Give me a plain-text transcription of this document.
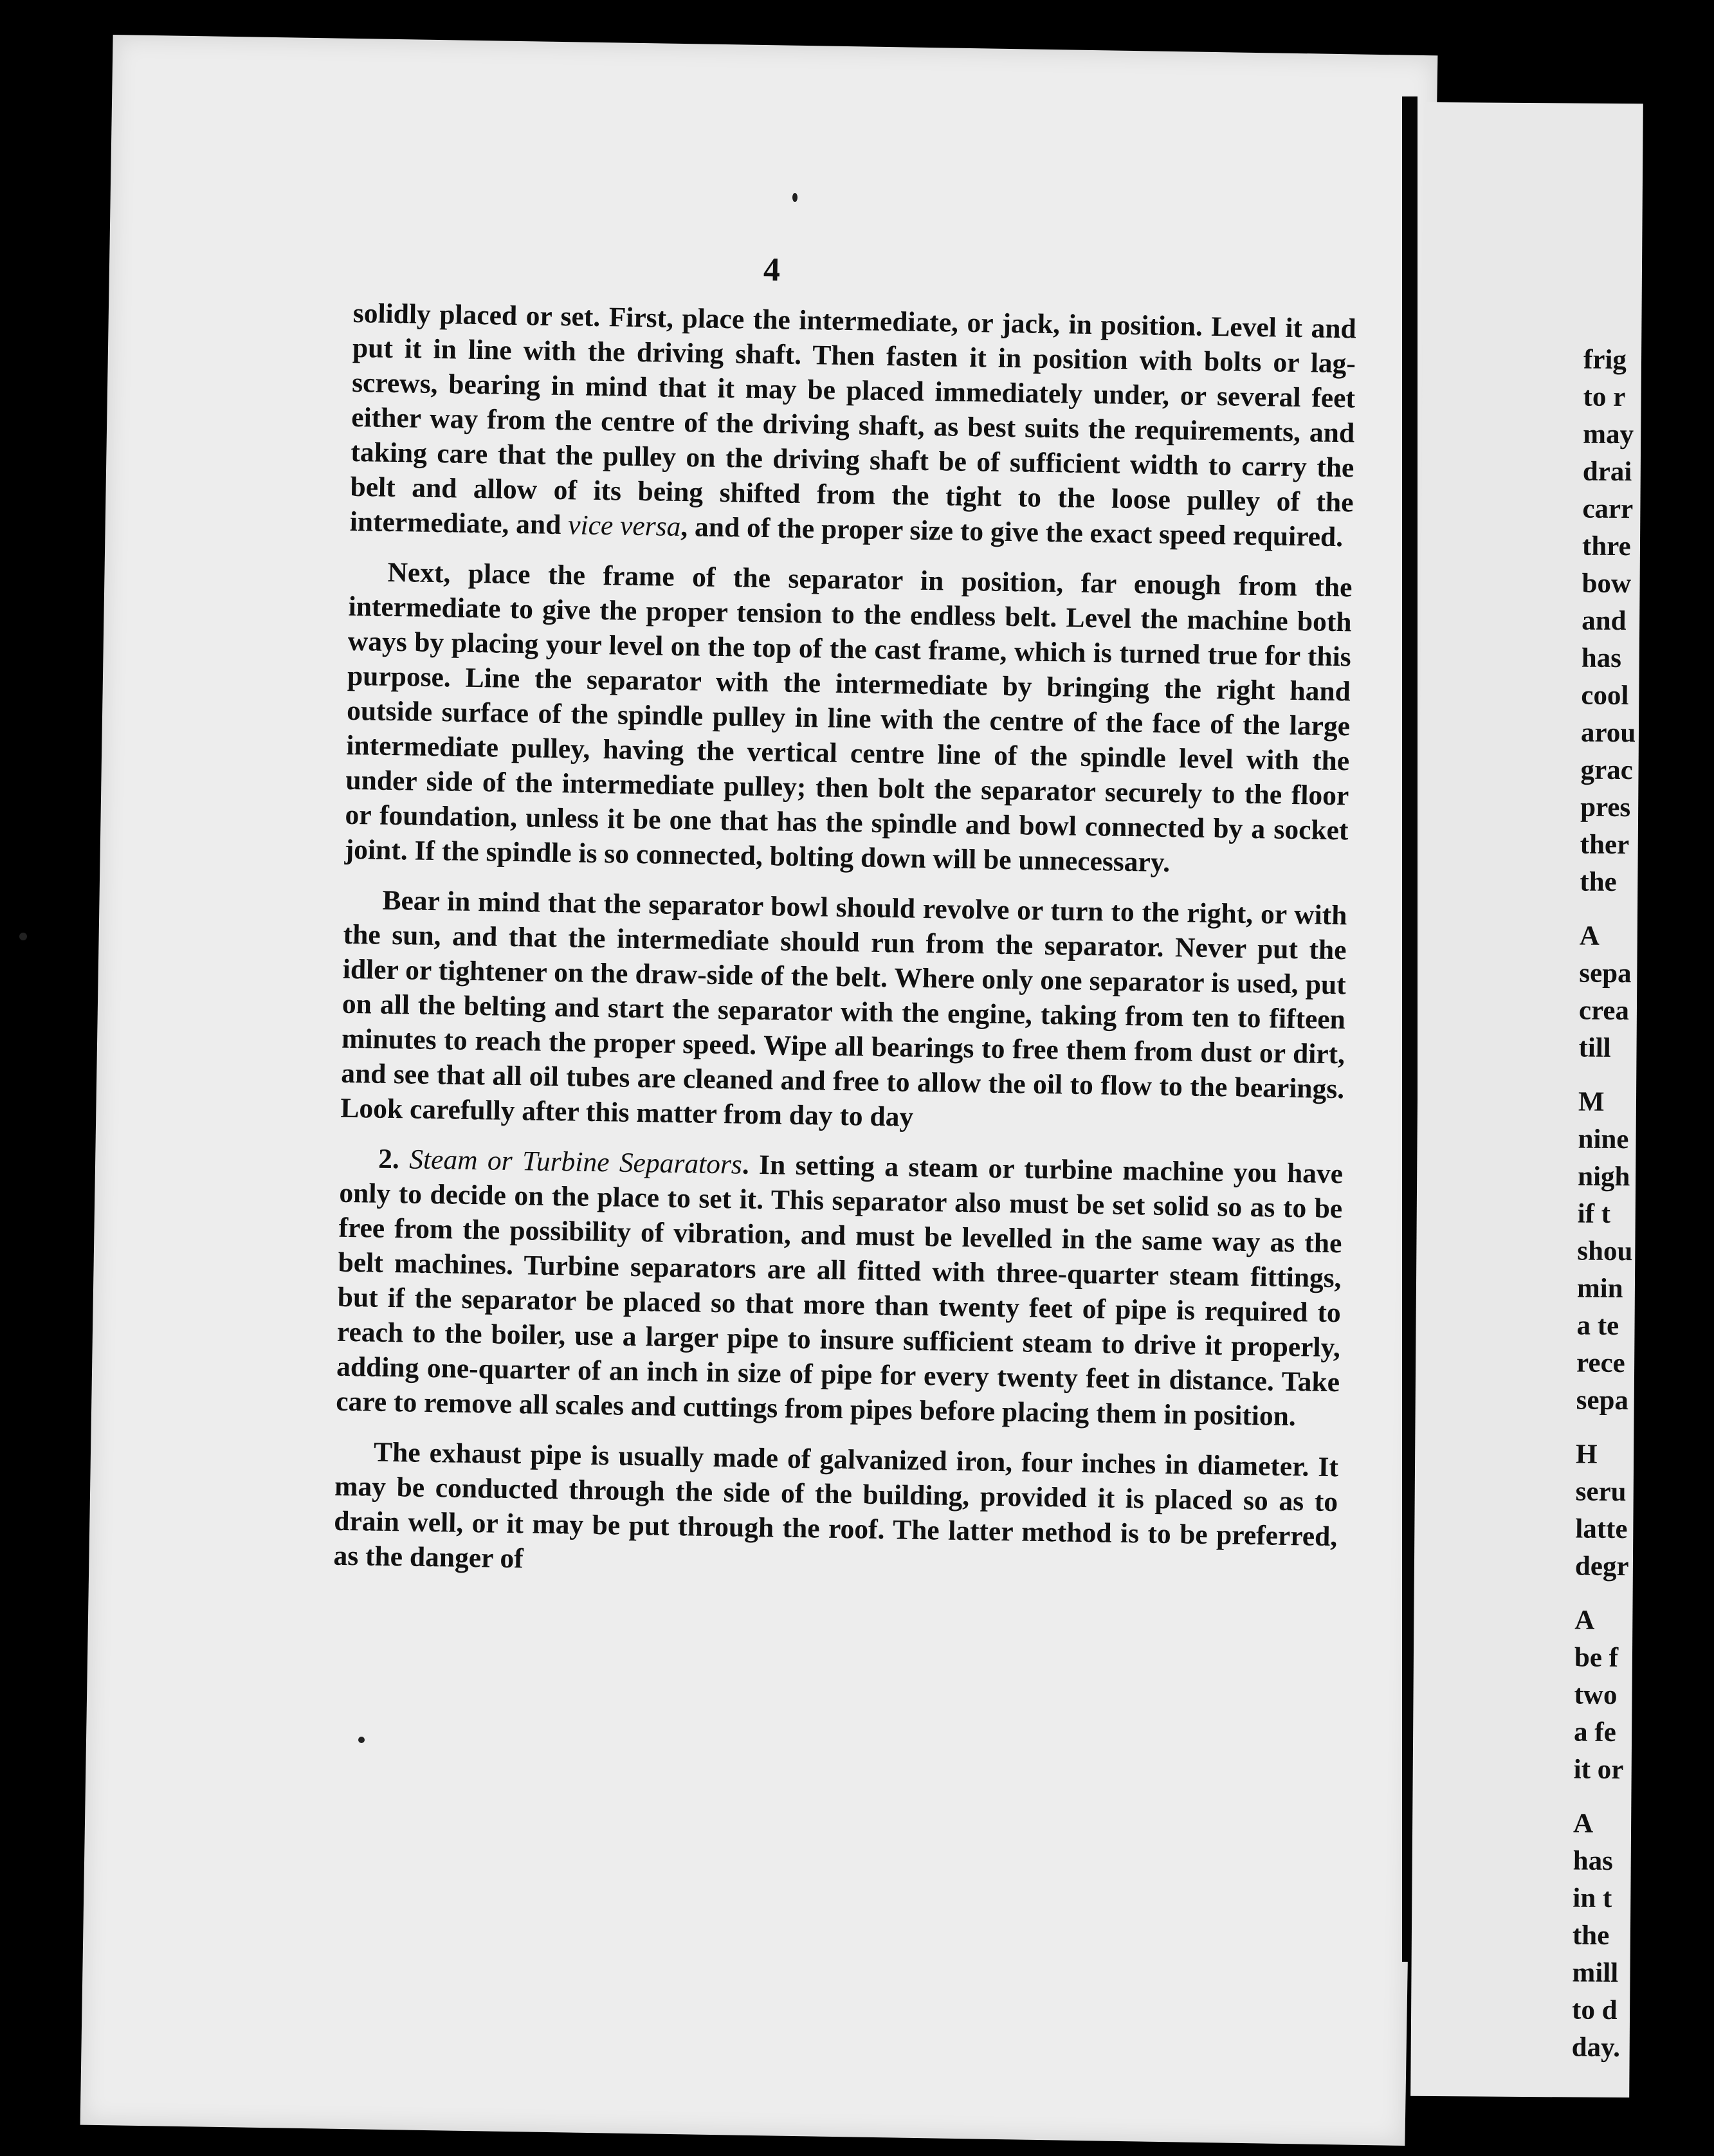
4

solidly placed or set. First, place the intermediate, or jack, in position. Level it and put it in line with the driving shaft. Then fasten it in position with bolts or lag-screws, bearing in mind that it may be placed immediately under, or several feet either way from the centre of the driving shaft, as best suits the requirements, and taking care that the pulley on the driving shaft be of sufficient width to carry the belt and allow of its being shifted from the tight to the loose pulley of the intermediate, and vice versa, and of the proper size to give the exact speed required.

Next, place the frame of the separator in position, far enough from the intermediate to give the proper tension to the endless belt. Level the machine both ways by placing your level on the top of the cast frame, which is turned true for this purpose. Line the separator with the intermediate by bringing the right hand outside surface of the spindle pulley in line with the centre of the face of the large intermediate pulley, having the vertical centre line of the spindle level with the under side of the intermediate pulley; then bolt the separator securely to the floor or foundation, unless it be one that has the spindle and bowl connected by a socket joint. If the spindle is so connected, bolting down will be unnecessary.

Bear in mind that the separator bowl should revolve or turn to the right, or with the sun, and that the intermediate should run from the separator. Never put the idler or tightener on the draw-side of the belt. Where only one separator is used, put on all the belting and start the separator with the engine, taking from ten to fifteen minutes to reach the proper speed. Wipe all bearings to free them from dust or dirt, and see that all oil tubes are cleaned and free to allow the oil to flow to the bearings. Look carefully after this matter from day to day

2. Steam or Turbine Separators. In setting a steam or turbine machine you have only to decide on the place to set it. This separator also must be set solid so as to be free from the possibility of vibration, and must be levelled in the same way as the belt machines. Turbine separators are all fitted with three-quarter steam fittings, but if the separator be placed so that more than twenty feet of pipe is required to reach to the boiler, use a larger pipe to insure sufficient steam to drive it properly, adding one-quarter of an inch in size of pipe for every twenty feet in distance. Take care to remove all scales and cuttings from pipes before placing them in position.

The exhaust pipe is usually made of galvanized iron, four inches in diameter. It may be conducted through the side of the building, provided it is placed so as to drain well, or it may be put through the roof. The latter method is to be preferred, as the danger of

frig
to r
may
drai
carr
thre
bow
and
has
cool
arou
grac
pres
ther
the
A
sepa
crea
till
M
nine
nigh
if t
shou
min
a te
rece
sepa
H
seru
latte
degr
A
be f
two
a fe
it or
A
has
in t
the
mill
to d
day.
